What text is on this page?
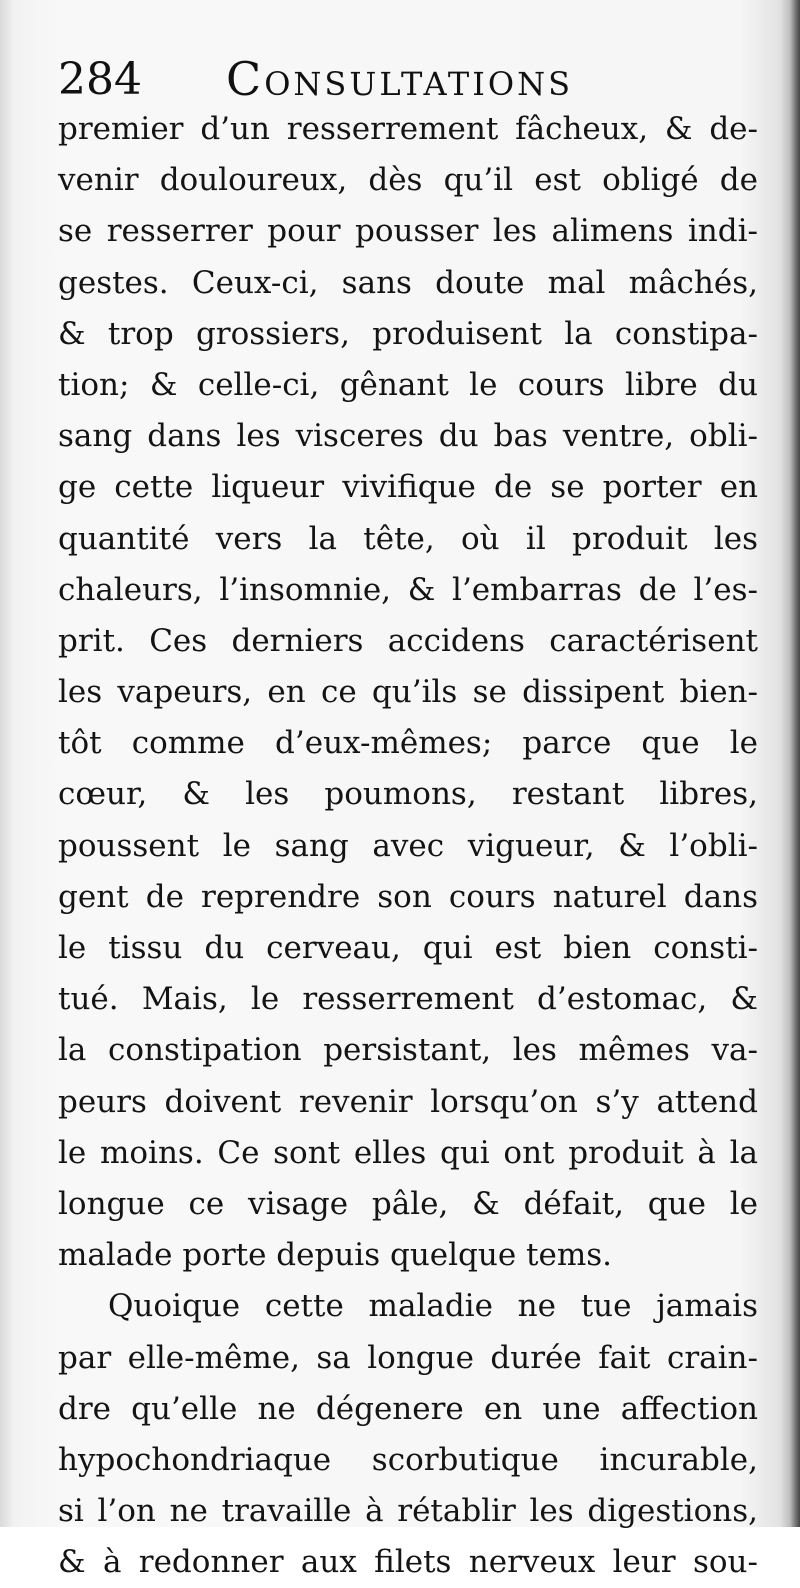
284 Consultations
premier d’un resserrement fâcheux, & de-
venir douloureux, dès qu’il est obligé de
se resserrer pour pousser les alimens indi-
gestes. Ceux-ci, sans doute mal mâchés,
& trop grossiers, produisent la constipa-
tion; & celle-ci, gênant le cours libre du
sang dans les visceres du bas ventre, obli-
ge cette liqueur vivifique de se porter en
quantité vers la tête, où il produit les
chaleurs, l’insomnie, & l’embarras de l’es-
prit. Ces derniers accidens caractérisent
les vapeurs, en ce qu’ils se dissipent bien-
tôt comme d’eux-mêmes; parce que le
cœur, & les poumons, restant libres,
poussent le sang avec vigueur, & l’obli-
gent de reprendre son cours naturel dans
le tissu du cerveau, qui est bien consti-
tué. Mais, le resserrement d’estomac, &
la constipation persistant, les mêmes va-
peurs doivent revenir lorsqu’on s’y attend
le moins. Ce sont elles qui ont produit à la
longue ce visage pâle, & défait, que le
malade porte depuis quelque tems.
Quoique cette maladie ne tue jamais
par elle-même, sa longue durée fait crain-
dre qu’elle ne dégenere en une affection
hypochondriaque scorbutique incurable,
si l’on ne travaille à rétablir les digestions,
& à redonner aux filets nerveux leur sou-
